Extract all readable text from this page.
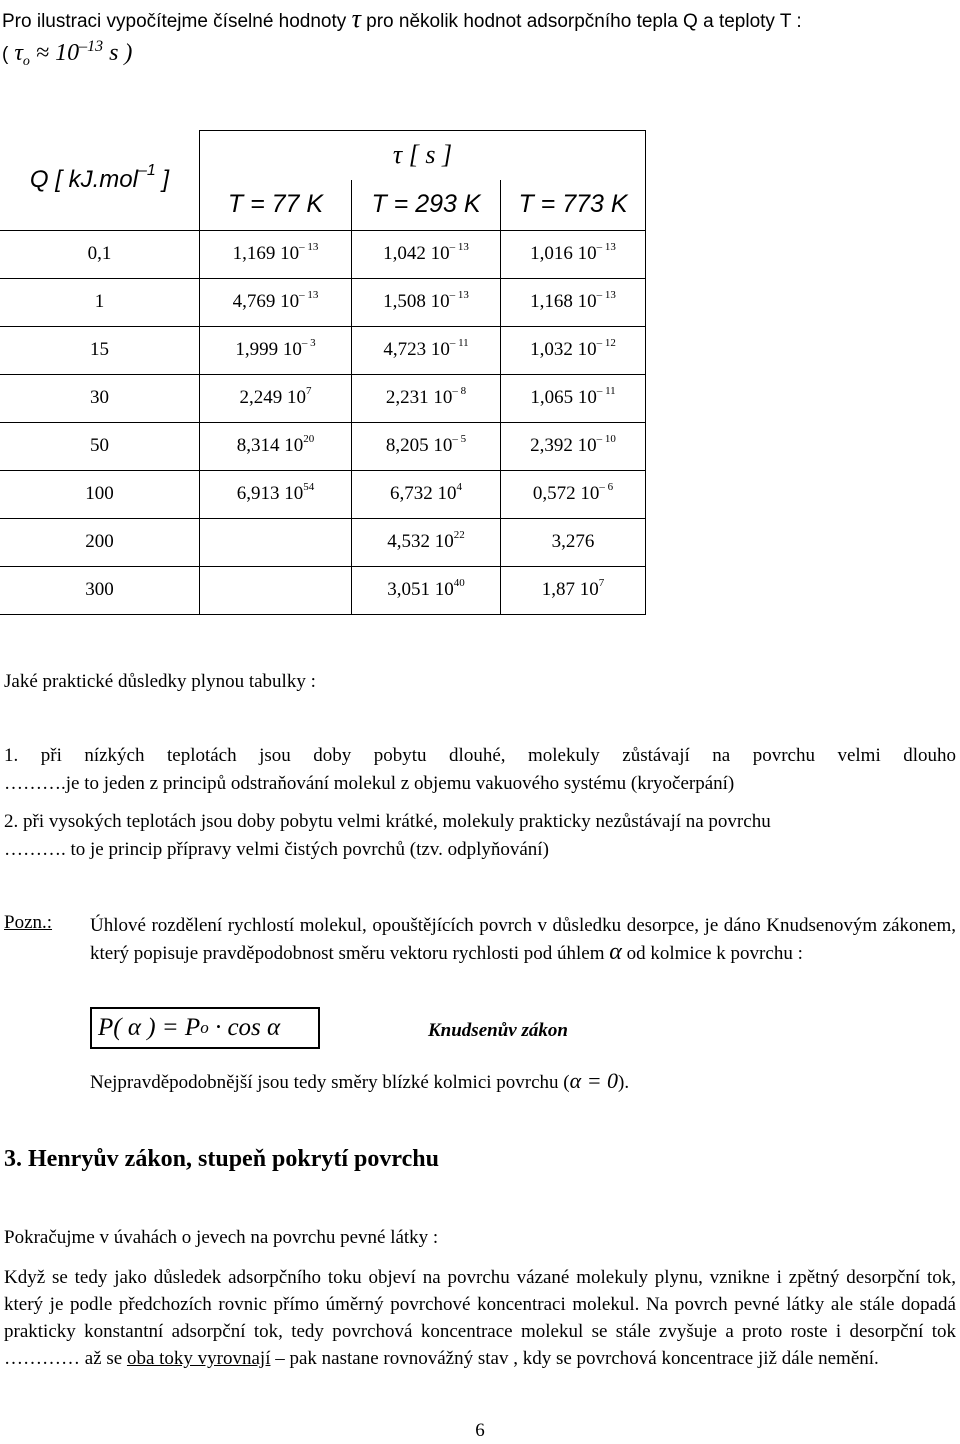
Pro ilustraci vypočítejme číselné hodnoty τ pro několik hodnot adsorpčního tepla Q a teploty T :
( $\tau_o \approx 10^{-13}$ s )
Q [ kJ.mol$^{-1}$ ]	τ [ s ]		
	T = 77 K	T = 293 K	T = 773 K
0,1	1,169 $10^{- 13}$	1,042 $10^{- 13}$	1,016 $10^{- 13}$
1	4,769 $10^{- 13}$	1,508 $10^{- 13}$	1,168 $10^{- 13}$
15	1,999 $10^{- 3}$	4,723 $10^{- 11}$	1,032 $10^{- 12}$
30	2,249 $10^7$	2,231 $10^{- 8}$	1,065 $10^{- 11}$
50	8,314 $10^{20}$	8,205 $10^{- 5}$	2,392 $10^{- 10}$
100	6,913 $10^{54}$	6,732 $10^4$	0,572 $10^{- 6}$
200		4,532 $10^{22}$	3,276
300		3,051 $10^{40}$	1,87 $10^7$
Jaké praktické důsledky plynou tabulky :

1. při nízkých teplotách jsou doby pobytu dlouhé, molekuly zůstávají na povrchu velmi dlouho

……….je to jeden z principů odstraňování molekul z objemu vakuového systému (kryočerpání)

2. při vysokých teplotách jsou doby pobytu velmi krátké, molekuly prakticky nezůstávají na povrchu

………. to je princip přípravy velmi čistých povrchů (tzv. odplyňování)

Pozn.: Úhlové rozdělení rychlostí molekul, opouštějících povrch v důsledku desorpce, je dáno Knudsenovým zákonem, který popisuje pravděpodobnost směru vektoru rychlosti pod úhlem α od kolmice k povrchu :
P( α ) = P o
· cos α	Knudsenův zákon
Nejpravděpodobnější jsou tedy směry blízké kolmici povrchu (α = 0).
3. Henryův zákon, stupeň pokrytí povrchu
Pokračujme v úvahách o jevech na povrchu pevné látky :
Když se tedy jako důsledek adsorpčního toku objeví na povrchu vázané molekuly plynu, vznikne i zpětný desorpční tok, který je podle předchozích rovnic přímo úměrný povrchové koncentraci molekul. Na povrch pevné látky ale stále dopadá prakticky konstantní adsorpční tok, tedy povrchová koncentrace molekul se stále zvyšuje a proto roste i desorpční tok ………… až se oba toky vyrovnají – pak nastane rovnovážný stav , kdy se povrchová koncentrace již dále nemění.
6
